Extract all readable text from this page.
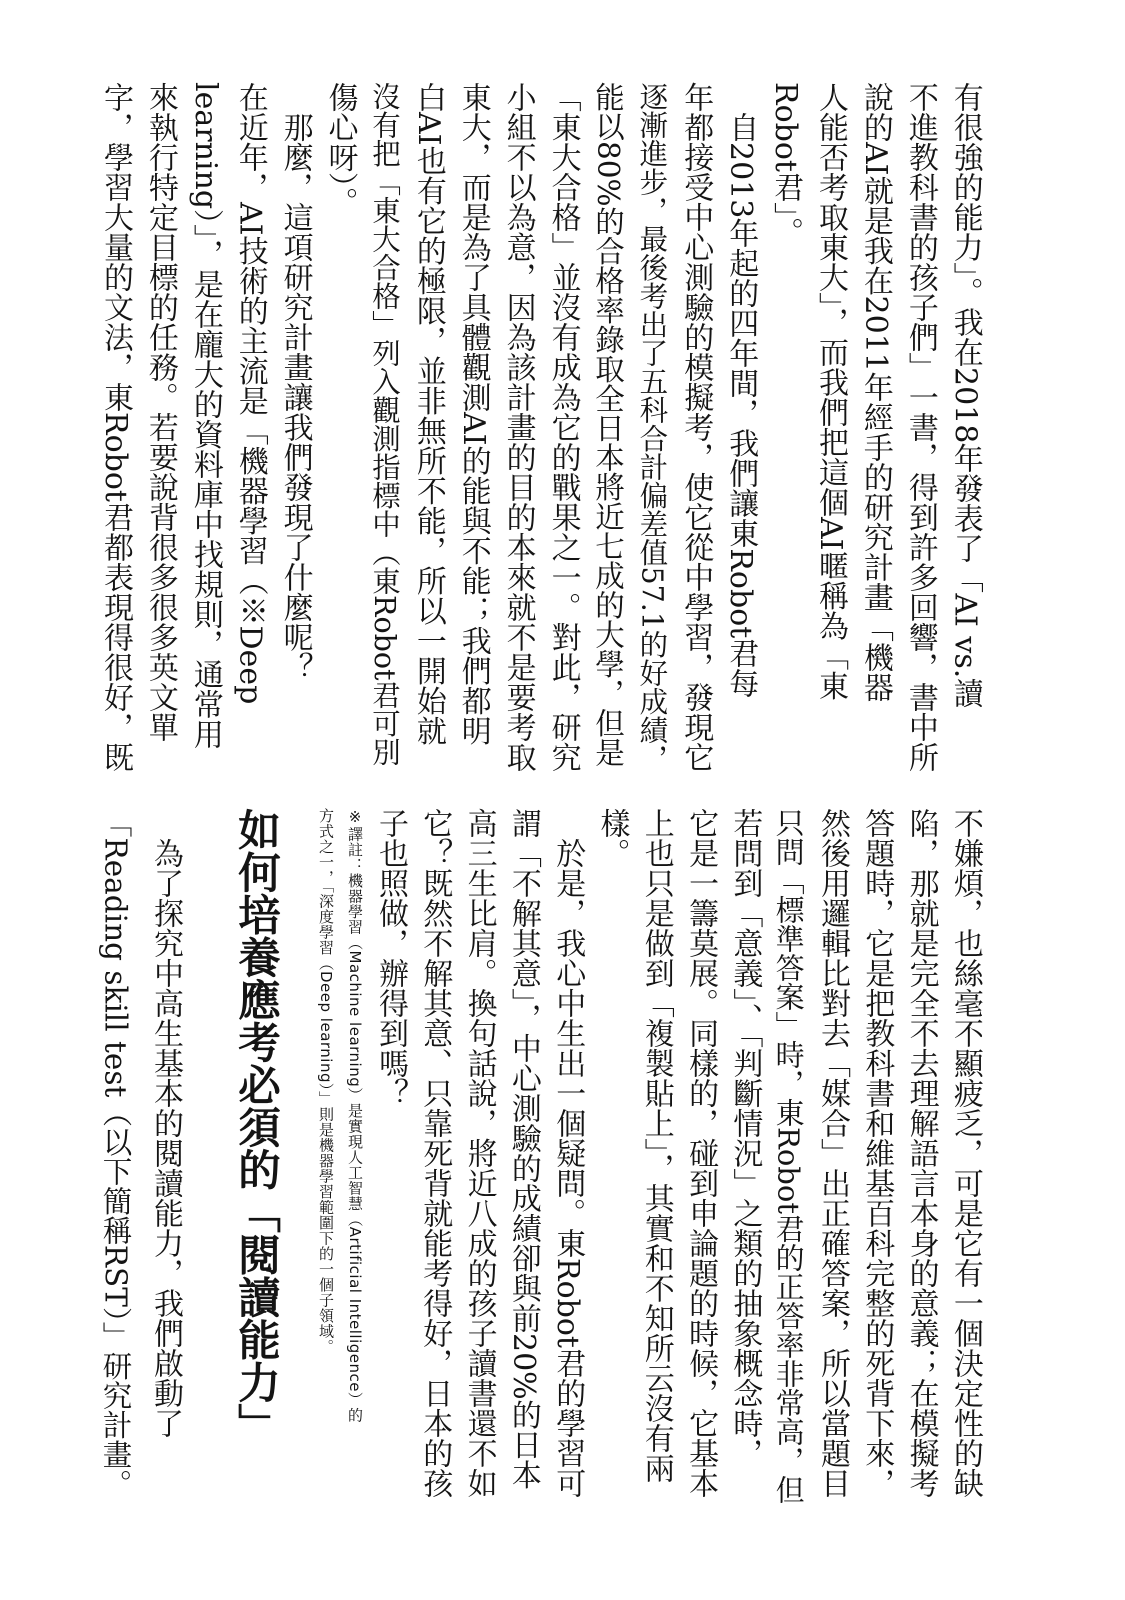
有很強的能力」。我在2018年發表了「AI vs.讀
不進教科書的孩子們」一書，得到許多回響，書中所
說的AI就是我在2011年經手的研究計畫「機器
人能否考取東大」，而我們把這個AI暱稱為「東
Robot君」。
　自2013年起的四年間，我們讓東Robot君每
年都接受中心測驗的模擬考，使它從中學習，發現它
逐漸進步，最後考出了五科合計偏差值57.1的好成績，
能以80%的合格率錄取全日本將近七成的大學，但是
「東大合格」並沒有成為它的戰果之一。對此，研究
小組不以為意，因為該計畫的目的本來就不是要考取
東大，而是為了具體觀測AI的能與不能；我們都明
白AI也有它的極限，並非無所不能，所以一開始就
沒有把「東大合格」列入觀測指標中（東Robot君可別
傷心呀）。
　那麼，這項研究計畫讓我們發現了什麼呢？
在近年，AI技術的主流是「機器學習（※Deep
learning）」，是在龐大的資料庫中找規則，通常用
來執行特定目標的任務。若要說背很多很多英文單
字，學習大量的文法，東Robot君都表現得很好，既
不嫌煩，也絲毫不顯疲乏，可是它有一個決定性的缺
陷，那就是完全不去理解語言本身的意義；在模擬考
答題時，它是把教科書和維基百科完整的死背下來，
然後用邏輯比對去「媒合」出正確答案，所以當題目
只問「標準答案」時，東Robot君的正答率非常高，但
若問到「意義」、「判斷情況」之類的抽象概念時，
它是一籌莫展。同樣的，碰到申論題的時候，它基本
上也只是做到「複製貼上」，其實和不知所云沒有兩
樣。
　於是，我心中生出一個疑問。東Robot君的學習可
謂「不解其意」，中心測驗的成績卻與前20%的日本
高三生比肩。換句話說，將近八成的孩子讀書還不如
它？既然不解其意、只靠死背就能考得好，日本的孩
子也照做，辦得到嗎？
※譯註：機器學習（Machine learning）是實現人工智慧（Artificial Intelligence）的
方式之一，「深度學習（Deep learning）」則是機器學習範圍下的一個子領域。
如何培養應考必須的「閱讀能力」
　為了探究中高生基本的閱讀能力，我們啟動了
「Reading skill test（以下簡稱RST）」研究計畫。
